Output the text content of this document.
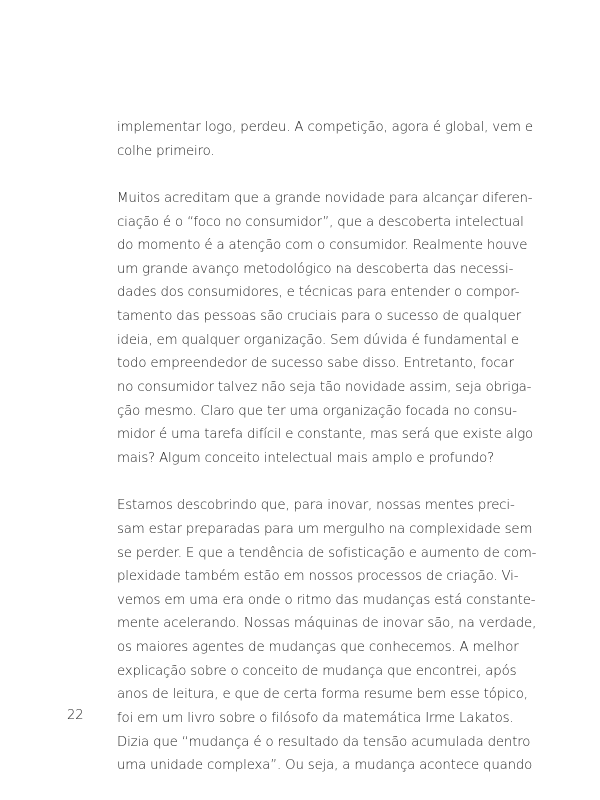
implementar logo, perdeu. A competição, agora é global, vem e
colhe primeiro.
Muitos acreditam que a grande novidade para alcançar diferen-
ciação é o “foco no consumidor”, que a descoberta intelectual
do momento é a atenção com o consumidor. Realmente houve
um grande avanço metodológico na descoberta das necessi-
dades dos consumidores, e técnicas para entender o compor-
tamento das pessoas são cruciais para o sucesso de qualquer
ideia, em qualquer organização. Sem dúvida é fundamental e
todo empreendedor de sucesso sabe disso. Entretanto, focar
no consumidor talvez não seja tão novidade assim, seja obriga-
ção mesmo. Claro que ter uma organização focada no consu-
midor é uma tarefa difícil e constante, mas será que existe algo
mais? Algum conceito intelectual mais amplo e profundo?
Estamos descobrindo que, para inovar, nossas mentes preci-
sam estar preparadas para um mergulho na complexidade sem
se perder. E que a tendência de sofisticação e aumento de com-
plexidade também estão em nossos processos de criação. Vi-
vemos em uma era onde o ritmo das mudanças está constante-
mente acelerando. Nossas máquinas de inovar são, na verdade,
os maiores agentes de mudanças que conhecemos. A melhor
explicação sobre o conceito de mudança que encontrei, após
anos de leitura, e que de certa forma resume bem esse tópico,
foi em um livro sobre o filósofo da matemática Irme Lakatos.
Dizia que “mudança é o resultado da tensão acumulada dentro
uma unidade complexa”. Ou seja, a mudança acontece quando
22
